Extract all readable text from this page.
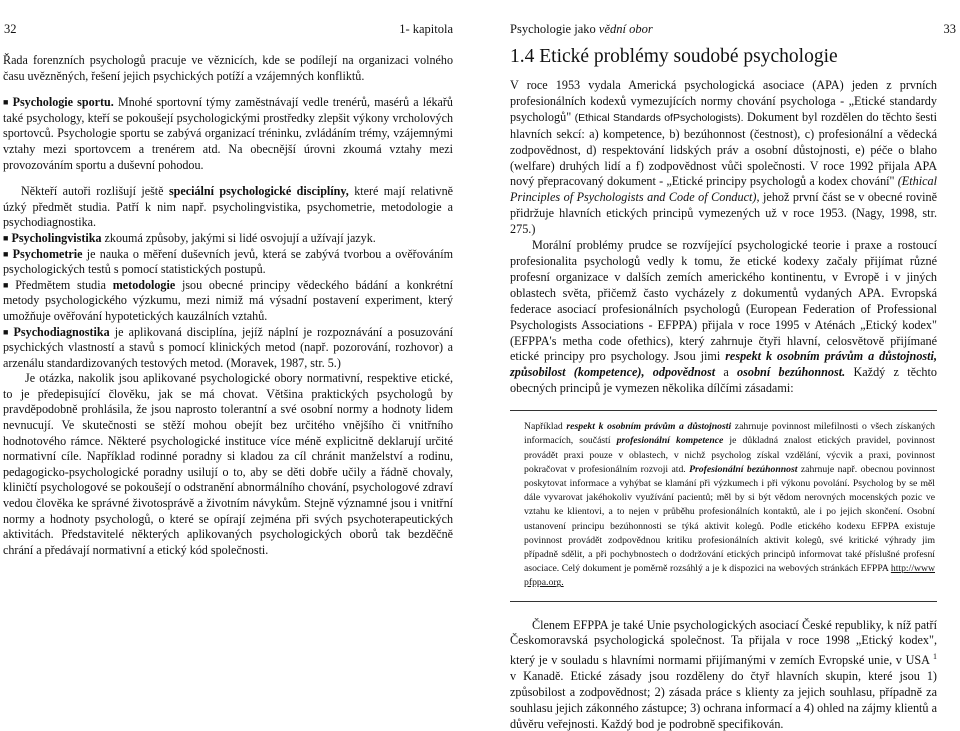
32	1- kapitola

Řada forenzních psychologů pracuje ve věznicích, kde se podílejí na organizaci volného času uvězněných, řešení jejich psychických potíží a vzájemných konfliktů.

■ Psychologie sportu. Mnohé sportovní týmy zaměstnávají vedle trenérů, masérů a lékařů také psychology, kteří se pokoušejí psychologickými prostředky zlepšit výkony vrcholových sportovců. Psychologie sportu se zabývá organizací tréninku, zvládáním trémy, vzájemnými vztahy mezi sportovcem a trenérem atd. Na obecnější úrovni zkoumá vztahy mezi provozováním sportu a duševní pohodou.

Někteří autoři rozlišují ještě speciální psychologické disciplíny, které mají relativně úzký předmět studia. Patří k nim např. psycholingvistika, psychometrie, metodologie a psychodiagnostika.

■ Psycholingvistika zkoumá způsoby, jakými si lidé osvojují a užívají jazyk.

■ Psychometrie je nauka o měření duševních jevů, která se zabývá tvorbou a ověřováním psychologických testů s pomocí statistických postupů.

■ Předmětem studia metodologie jsou obecné principy vědeckého bádání a konkrétní metody psychologického výzkumu, mezi nimiž má výsadní postavení experiment, který umožňuje ověřování hypotetických kauzálních vztahů.

■ Psychodiagnostika je aplikovaná disciplína, jejíž náplní je rozpoznávání a posuzování psychických vlastností a stavů s pomocí klinických metod (např. pozorování, rozhovor) a arzenálu standardizovaných testových metod. (Moravek, 1987, str. 5.)

Je otázka, nakolik jsou aplikované psychologické obory normativní, respektive etické, to je předepisující člověku, jak se má chovat. Většina praktických psychologů by pravděpodobně prohlásila, že jsou naprosto tolerantní a své osobní normy a hodnoty lidem nevnucují. Ve skutečnosti se stěží mohou obejít bez určitého vnějšího či vnitřního hodnotového rámce. Některé psychologické instituce více méně explicitně deklarují určité normativní cíle. Například rodinné poradny si kladou za cíl chránit manželství a rodinu, pedagogicko-psychologické poradny usilují o to, aby se děti dobře učily a řádně chovaly, kliničtí psychologové se pokoušejí o odstranění abnormálního chování, psychologové zdraví vedou člověka ke správné životosprávě a životním návykům. Stejně významné jsou i vnitřní normy a hodnoty psychologů, o které se opírají zejména při svých psychoterapeutických aktivitách. Představitelé některých aplikovaných psychologických oborů tak bezděčně chrání a předávají normativní a etický kód společnosti.

Psychologie jako vědní obor	33
1.4 Etické problémy soudobé psychologie

V roce 1953 vydala Americká psychologická asociace (APA) jeden z prvních profesionálních kodexů vymezujících normy chování psychologa - „Etické standardy psychologů" (Ethical Standards ofPsychologists). Dokument byl rozdělen do těchto šesti hlavních sekcí: a) kompetence, b) bezúhonnost (čestnost), c) profesionální a vědecká zodpovědnost, d) respektování lidských práv a osobní důstojnosti, e) péče o blaho (welfare) druhých lidí a f) zodpovědnost vůči společnosti. V roce 1992 přijala APA nový přepracovaný dokument - „Etické principy psychologů a kodex chování" (Ethical Principles of Psychologists and Code of Conduct), jehož první část se v obecné rovině přidržuje hlavních etických principů vymezených už v roce 1953. (Nagy, 1998, str. 275.)

Morální problémy prudce se rozvíjející psychologické teorie i praxe a rostoucí profesionalita psychologů vedly k tomu, že etické kodexy začaly přijímat různé profesní organizace v dalších zemích amerického kontinentu, v Evropě i v jiných oblastech světa, přičemž často vycházely z dokumentů vydaných APA. Evropská federace asociací profesionálních psychologů (European Federation of Professional Psychologists Associations - EFPPA) přijala v roce 1995 v Aténách „Etický kodex" (EFPPA's metha code ofethics), který zahrnuje čtyři hlavní, celosvětově přijímané etické principy pro psychology. Jsou jimi respekt k osobním právům a důstojnosti, způsobilost (kompetence), odpovědnost a osobní bezúhonnost. Každý z těchto obecných principů je vymezen několika dílčími zásadami:

Například respekt k osobním právům a důstojnosti zahrnuje povinnost milefilnosti o všech získaných informacích, součástí profesionální kompetence je důkladná znalost etických pravidel, povinnost provádět praxi pouze v oblastech, v nichž psycholog získal vzdělání, výcvik a praxi, povinnost pokračovat v profesionálním rozvoji atd. Profesionální bezúhonnost zahrnuje např. obecnou povinnost poskytovat informace a vyhýbat se klamání při výzkumech i při výkonu povolání. Psycholog by se měl dále vyvarovat jakéhokoliv využívání pacientů; měl by si být vědom nerovných mocenských pozic ve vztahu ke klientovi, a to nejen v průběhu profesionálních kontaktů, ale i po jejich skončení. Osobní ustanovení principu bezúhonnosti se týká aktivit kolegů. Podle etického kodexu EFPPA existuje povinnost provádět zodpovědnou kritiku profesionálních aktivit kolegů, své kritické výhrady jim případně sdělit, a při pochybnostech o dodržování etických principů informovat také příslušné profesní asociace. Celý dokument je poměrně rozsáhlý a je k dispozici na webových stránkách EFPPA http://www pfppa.org.

Členem EFPPA je také Unie psychologických asociací České republiky, k níž patří Českomoravská psychologická společnost. Ta přijala v roce 1998 „Etický kodex", který je v souladu s hlavními normami přijímanými v zemích Evropské unie, v USA $^1$ v Kanadě. Etické zásady jsou rozděleny do čtyř hlavních skupin, které jsou 1) způsobilost a zodpovědnost; 2) zásada práce s klienty za jejich souhlasu, případně za souhlasu jejich zákonného zástupce; 3) ochrana informací a 4) ohled na zájmy klientů a důvěru veřejnosti. Každý bod je podrobně specifikován.
